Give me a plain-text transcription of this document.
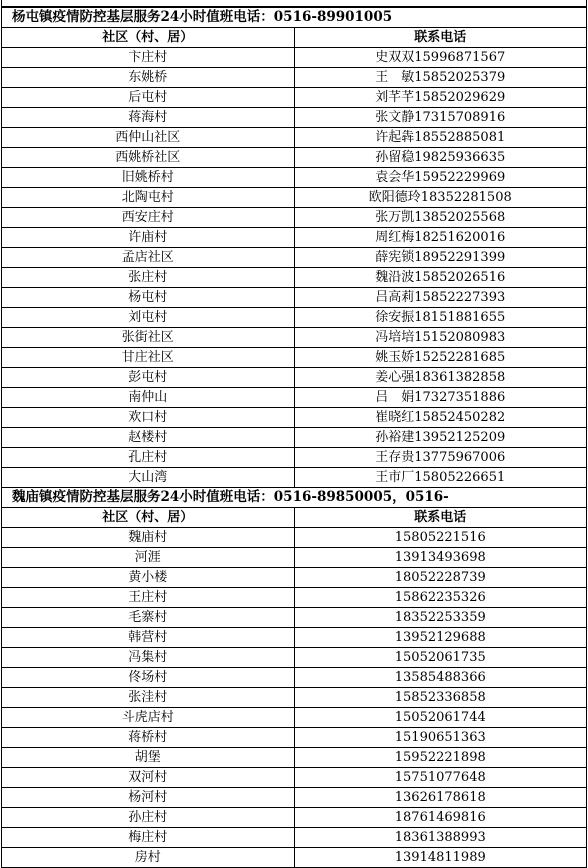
杨屯镇疫情防控基层服务24小时值班电话：0516-89901005	
社区（村、居）	联系电话
卞庄村	史双双15996871567
东姚桥	王　敏15852025379
后屯村	刘芊芊15852029629
蒋海村	张文静17315708916
西仲山社区	许起犇18552885081
西姚桥社区	孙留稳19825936635
旧姚桥村	袁会华15952229969
北陶屯村	欧阳德玲18352281508
西安庄村	张万凯13852025568
许庙村	周红梅18251620016
孟店社区	薛宪锁18952291399
张庄村	魏沿波15852026516
杨屯村	吕高莉15852227393
刘屯村	徐安振18151881655
张街社区	冯培培15152080983
甘庄社区	姚玉娇15252281685
彭屯村	姜心强18361382858
南仲山	吕　娟17327351886
欢口村	崔晓红15852450282
赵楼村	孙裕建13952125209
孔庄村	王存贵13775967006
大山湾	王市厂15805226651
魏庙镇疫情防控基层服务24小时值班电话：0516-89850005，0516-	
社区（村、居）	联系电话
魏庙村	15805221516
河涯	13913493698
黄小楼	18052228739
王庄村	15862235326
毛寨村	18352253359
韩营村	13952129688
冯集村	15052061735
佟场村	13585488366
张洼村	15852336858
斗虎店村	15052061744
蒋桥村	15190651363
胡堡	15952221898
双河村	15751077648
杨河村	13626178618
孙庄村	18761469816
梅庄村	18361388993
房村	13914811989
